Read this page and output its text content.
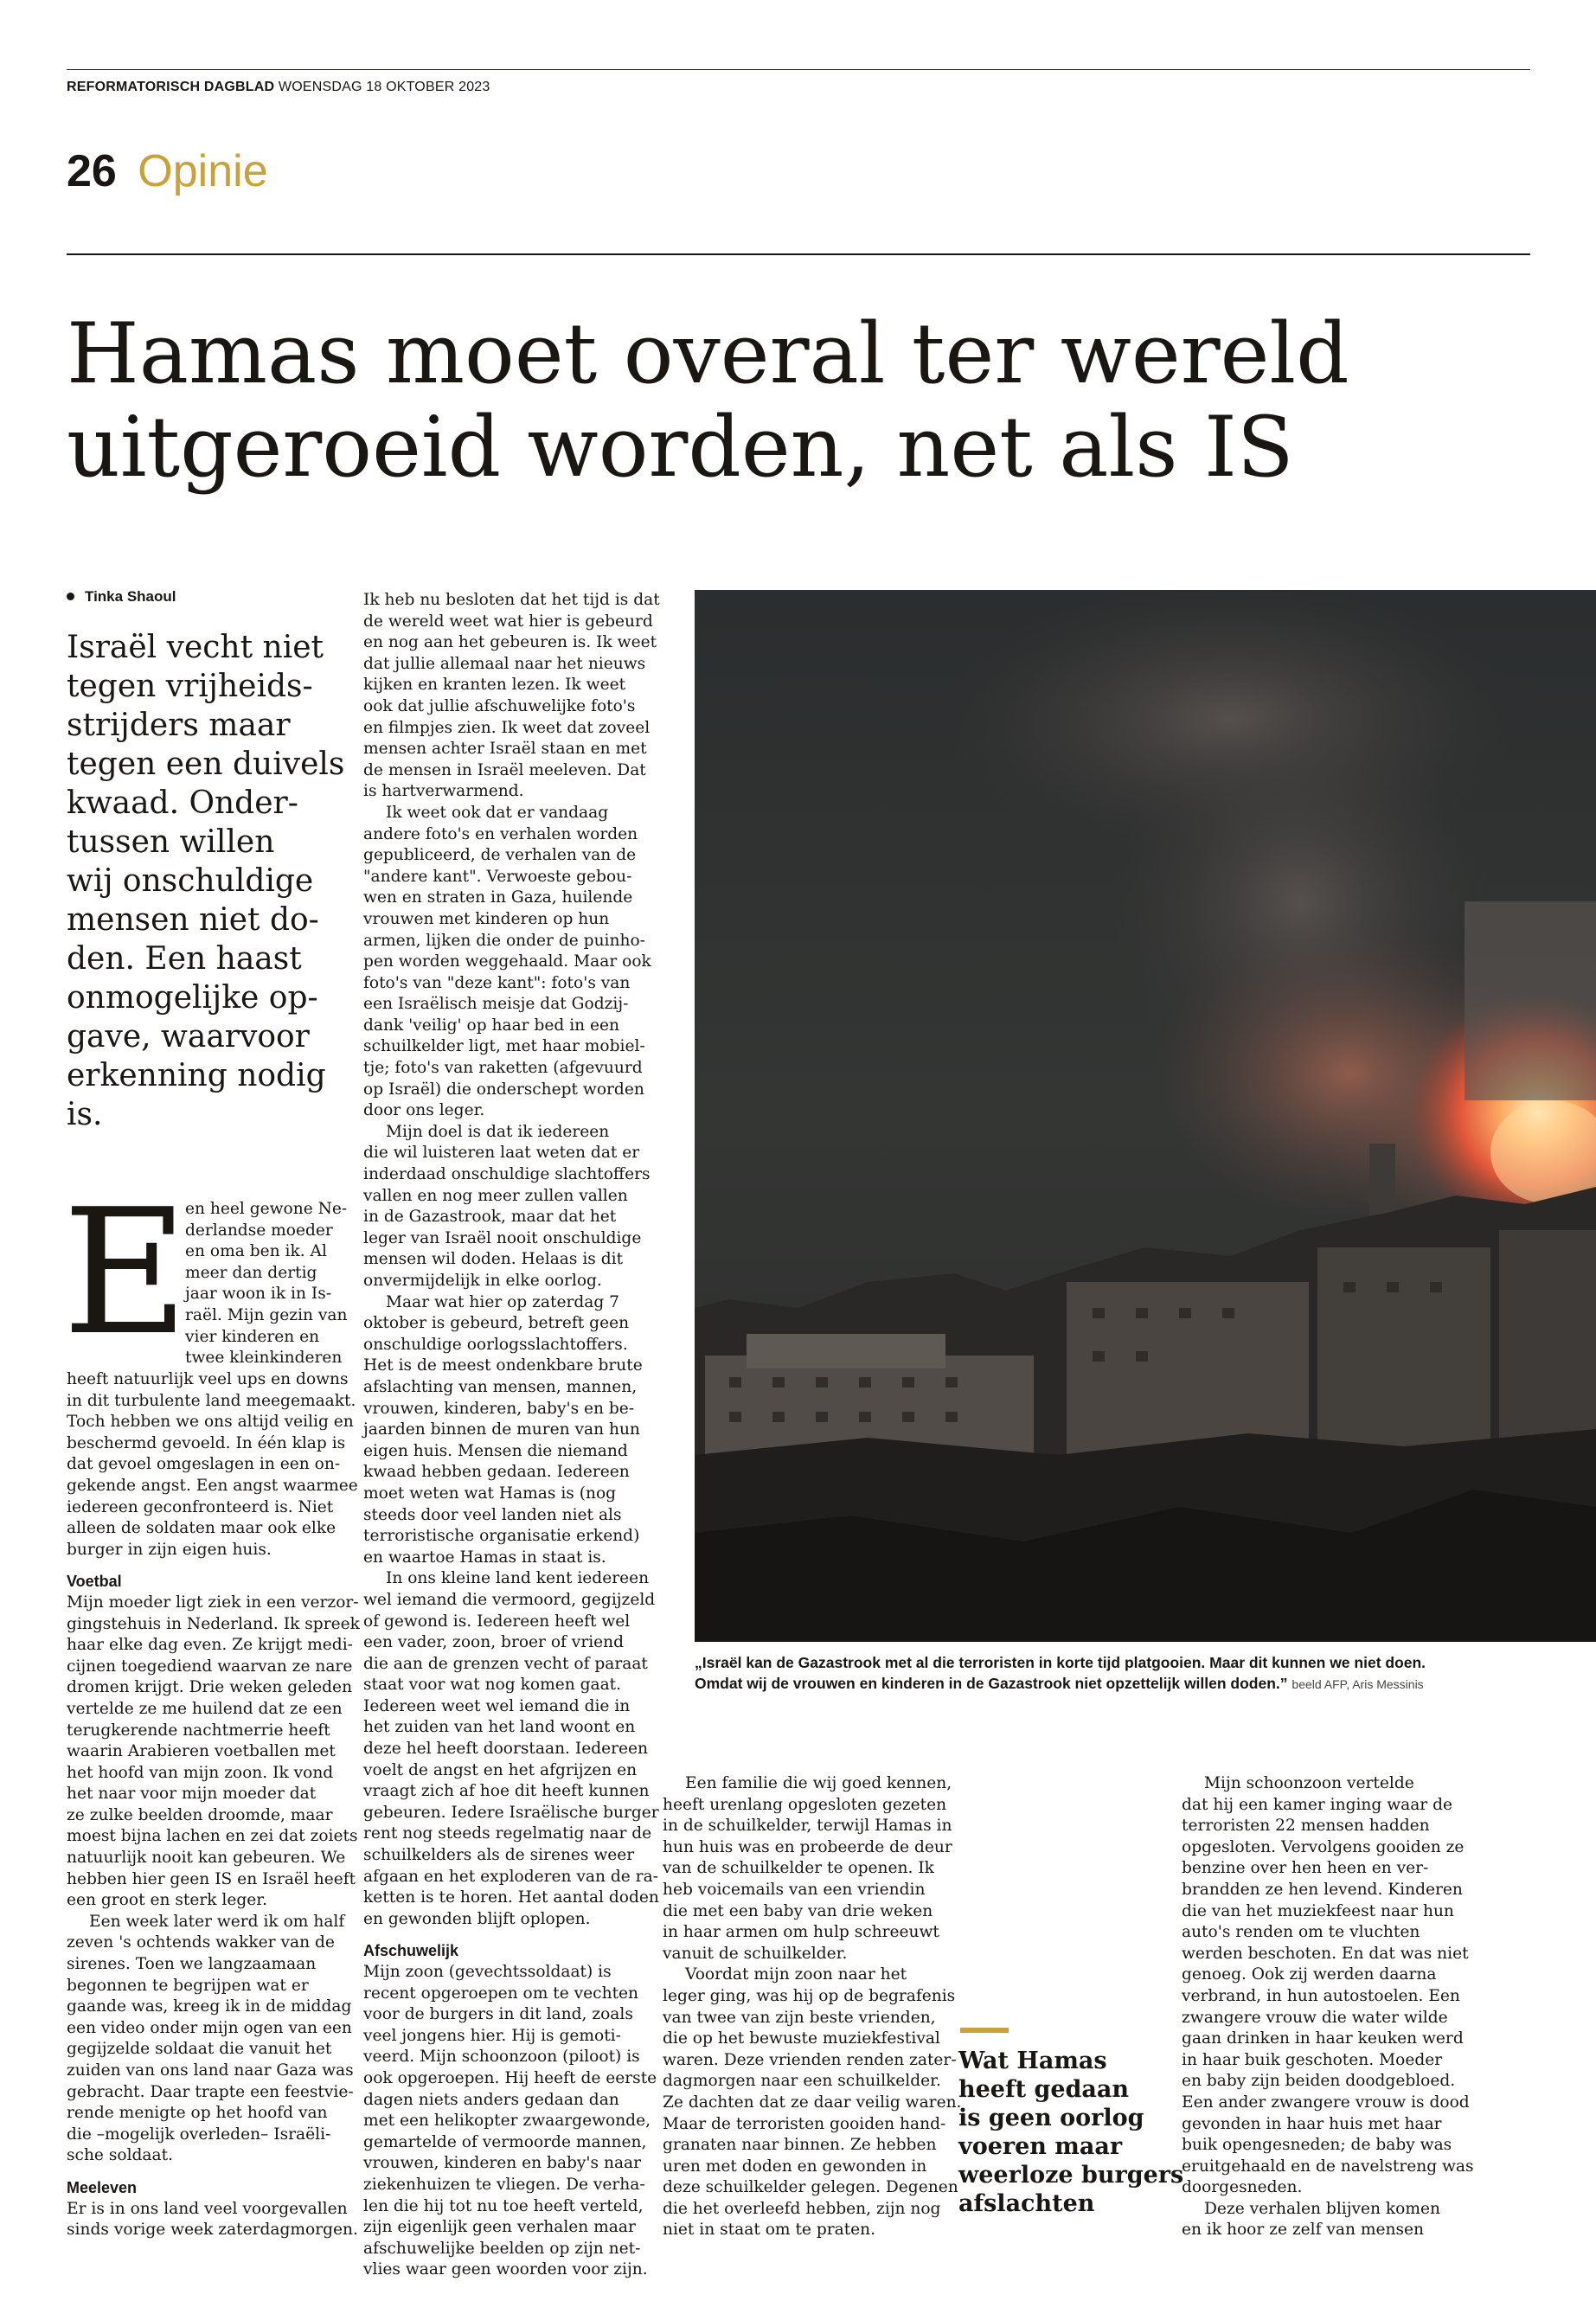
REFORMATORISCH DAGBLAD WOENSDAG 18 OKTOBER 2023
26 Opinie
Hamas moet overal ter wereld
uitgeroeid worden, net als IS
Tinka Shaoul

Israël vecht niet

tegen vrijheids-

strijders maar

tegen een duivels

kwaad. Onder-

tussen willen

wij onschuldige

mensen niet do-

den. Een haast

onmogelijke op-

gave, waarvoor

erkenning nodig

is.

E

en heel gewone Ne-

derlandse moeder

en oma ben ik. Al

meer dan dertig

jaar woon ik in Is-

raël. Mijn gezin van

vier kinderen en

twee kleinkinderen

heeft natuurlijk veel ups en downs

in dit turbulente land meegemaakt.

Toch hebben we ons altijd veilig en

beschermd gevoeld. In één klap is

dat gevoel omgeslagen in een on-

gekende angst. Een angst waarmee

iedereen geconfronteerd is. Niet

alleen de soldaten maar ook elke

burger in zijn eigen huis.

Voetbal

Mijn moeder ligt ziek in een verzor-

gingstehuis in Nederland. Ik spreek

haar elke dag even. Ze krijgt medi-

cijnen toegediend waarvan ze nare

dromen krijgt. Drie weken geleden

vertelde ze me huilend dat ze een

terugkerende nachtmerrie heeft

waarin Arabieren voetballen met

het hoofd van mijn zoon. Ik vond

het naar voor mijn moeder dat

ze zulke beelden droomde, maar

moest bijna lachen en zei dat zoiets

natuurlijk nooit kan gebeuren. We

hebben hier geen IS en Israël heeft

een groot en sterk leger.

Een week later werd ik om half

zeven 's ochtends wakker van de

sirenes. Toen we langzaamaan

begonnen te begrijpen wat er

gaande was, kreeg ik in de middag

een video onder mijn ogen van een

gegijzelde soldaat die vanuit het

zuiden van ons land naar Gaza was

gebracht. Daar trapte een feestvie-

rende menigte op het hoofd van

die –mogelijk overleden– Israëli-

sche soldaat.

Meeleven

Er is in ons land veel voorgevallen

sinds vorige week zaterdagmorgen.

Ik heb nu besloten dat het tijd is dat

de wereld weet wat hier is gebeurd

en nog aan het gebeuren is. Ik weet

dat jullie allemaal naar het nieuws

kijken en kranten lezen. Ik weet

ook dat jullie afschuwelijke foto's

en filmpjes zien. Ik weet dat zoveel

mensen achter Israël staan en met

de mensen in Israël meeleven. Dat

is hartverwarmend.

Ik weet ook dat er vandaag

andere foto's en verhalen worden

gepubliceerd, de verhalen van de

"andere kant". Verwoeste gebou-

wen en straten in Gaza, huilende

vrouwen met kinderen op hun

armen, lijken die onder de puinho-

pen worden weggehaald. Maar ook

foto's van "deze kant": foto's van

een Israëlisch meisje dat Godzij-

dank 'veilig' op haar bed in een

schuilkelder ligt, met haar mobiel-

tje; foto's van raketten (afgevuurd

op Israël) die onderschept worden

door ons leger.

Mijn doel is dat ik iedereen

die wil luisteren laat weten dat er

inderdaad onschuldige slachtoffers

vallen en nog meer zullen vallen

in de Gazastrook, maar dat het

leger van Israël nooit onschuldige

mensen wil doden. Helaas is dit

onvermijdelijk in elke oorlog.

Maar wat hier op zaterdag 7

oktober is gebeurd, betreft geen

onschuldige oorlogsslachtoffers.

Het is de meest ondenkbare brute

afslachting van mensen, mannen,

vrouwen, kinderen, baby's en be-

jaarden binnen de muren van hun

eigen huis. Mensen die niemand

kwaad hebben gedaan. Iedereen

moet weten wat Hamas is (nog

steeds door veel landen niet als

terroristische organisatie erkend)

en waartoe Hamas in staat is.

In ons kleine land kent iedereen

wel iemand die vermoord, gegijzeld

of gewond is. Iedereen heeft wel

een vader, zoon, broer of vriend

die aan de grenzen vecht of paraat

staat voor wat nog komen gaat.

Iedereen weet wel iemand die in

het zuiden van het land woont en

deze hel heeft doorstaan. Iedereen

voelt de angst en het afgrijzen en

vraagt zich af hoe dit heeft kunnen

gebeuren. Iedere Israëlische burger

rent nog steeds regelmatig naar de

schuilkelders als de sirenes weer

afgaan en het exploderen van de ra-

ketten is te horen. Het aantal doden

en gewonden blijft oplopen.

Afschuwelijk

Mijn zoon (gevechtssoldaat) is

recent opgeroepen om te vechten

voor de burgers in dit land, zoals

veel jongens hier. Hij is gemoti-

veerd. Mijn schoonzoon (piloot) is

ook opgeroepen. Hij heeft de eerste

dagen niets anders gedaan dan

met een helikopter zwaargewonde,

gemartelde of vermoorde mannen,

vrouwen, kinderen en baby's naar

ziekenhuizen te vliegen. De verha-

len die hij tot nu toe heeft verteld,

zijn eigenlijk geen verhalen maar

afschuwelijke beelden op zijn net-

vlies waar geen woorden voor zijn.

„Israël kan de Gazastrook met al die terroristen in korte tijd platgooien. Maar dit kunnen we niet doen.
Omdat wij de vrouwen en kinderen in de Gazastrook niet opzettelijk willen doden.” beeld AFP, Aris Messinis

Een familie die wij goed kennen,

heeft urenlang opgesloten gezeten

in de schuilkelder, terwijl Hamas in

hun huis was en probeerde de deur

van de schuilkelder te openen. Ik

heb voicemails van een vriendin

die met een baby van drie weken

in haar armen om hulp schreeuwt

vanuit de schuilkelder.

Voordat mijn zoon naar het

leger ging, was hij op de begrafenis

van twee van zijn beste vrienden,

die op het bewuste muziekfestival

waren. Deze vrienden renden zater-

dagmorgen naar een schuilkelder.

Ze dachten dat ze daar veilig waren.

Maar de terroristen gooiden hand-

granaten naar binnen. Ze hebben

uren met doden en gewonden in

deze schuilkelder gelegen. Degenen

die het overleefd hebben, zijn nog

niet in staat om te praten.

Wat Hamas
heeft gedaan
is geen oorlog
voeren maar
weerloze burgers
afslachten

Mijn schoonzoon vertelde

dat hij een kamer inging waar de

terroristen 22 mensen hadden

opgesloten. Vervolgens gooiden ze

benzine over hen heen en ver-

brandden ze hen levend. Kinderen

die van het muziekfeest naar hun

auto's renden om te vluchten

werden beschoten. En dat was niet

genoeg. Ook zij werden daarna

verbrand, in hun autostoelen. Een

zwangere vrouw die water wilde

gaan drinken in haar keuken werd

in haar buik geschoten. Moeder

en baby zijn beiden doodgebloed.

Een ander zwangere vrouw is dood

gevonden in haar huis met haar

buik opengesneden; de baby was

eruitgehaald en de navelstreng was

doorgesneden.

Deze verhalen blijven komen

en ik hoor ze zelf van mensen
